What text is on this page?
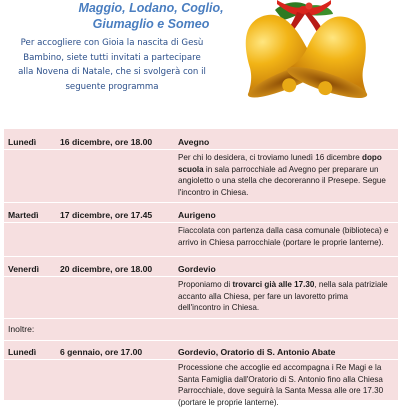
Maggio, Lodano, Coglio, Giumaglio e Someo
Per accogliere con Gioia la nascita di Gesù Bambino, siete tutti invitati a partecipare alla Novena di Natale, che si svolgerà con il seguente programma
Lunedì	16 dicembre, ore 18.00	Avegno
Per chi lo desidera, ci troviamo lunedì 16 dicembre dopo scuola in sala parrocchiale ad Avegno per preparare un angioletto o una stella che decoreranno il Presepe. Segue l'incontro in Chiesa.
Martedì 17 dicembre, ore 17.45	Aurigeno
Fiaccolata con partenza dalla casa comunale (biblioteca) e arrivo in Chiesa parrocchiale (portare le proprie lanterne).
Venerdì 20 dicembre, ore 18.00	Gordevio
Proponiamo di trovarci già alle 17.30, nella sala patriziale accanto alla Chiesa, per fare un lavoretto prima dell'incontro in Chiesa.
Inoltre:
Lunedì	6 gennaio, ore 17.00	Gordevio, Oratorio di S. Antonio Abate
Processione che accoglie ed accompagna i Re Magi e la Santa Famiglia dall'Oratorio di S. Antonio fino alla Chiesa Parrocchiale, dove seguirà la Santa Messa alle ore 17.30 (portare le proprie lanterne).
